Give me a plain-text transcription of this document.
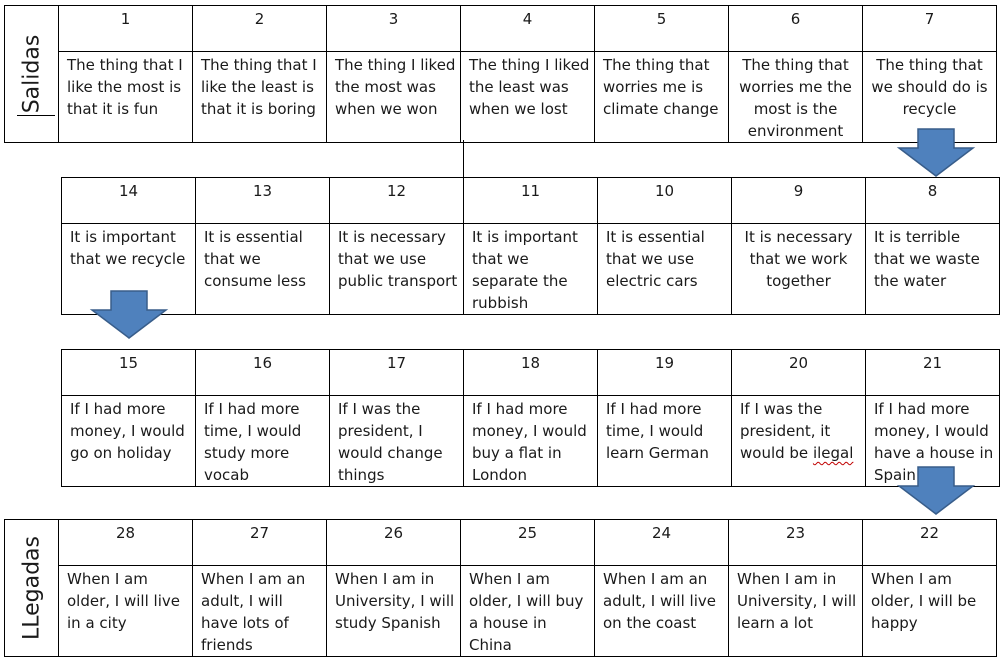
Salidas	1	2	3	4	5	6	7
	The thing that I like the most is that it is fun	The thing that I like the least is that it is boring	The thing I liked the most was when we won	The thing I liked the least was when we lost	The thing that worries me is climate change	The thing that worries me the most is the environment	The thing that we should do is recycle
14	13	12	11	10	9	8
It is important that we recycle	It is essential that we consume less	It is necessary that we use public transport	It is important that we separate the rubbish	It is essential that we use electric cars	It is necessary that we work together	It is terrible that we waste the water
15	16	17	18	19	20	21
If I had more money, I would go on holiday	If I had more time, I would study more vocab	If I was the president, I would change things	If I had more money, I would buy a flat in London	If I had more time, I would learn German	If I was the president, it would be ilegal	If I had more money, I would have a house in Spain
LLegadas	28	27	26	25	24	23	22
	When I am older, I will live in a city	When I am an adult, I will have lots of friends	When I am in University, I will study Spanish	When I am older, I will buy a house in China	When I am an adult, I will live on the coast	When I am in University, I will learn a lot	When I am older, I will be happy
